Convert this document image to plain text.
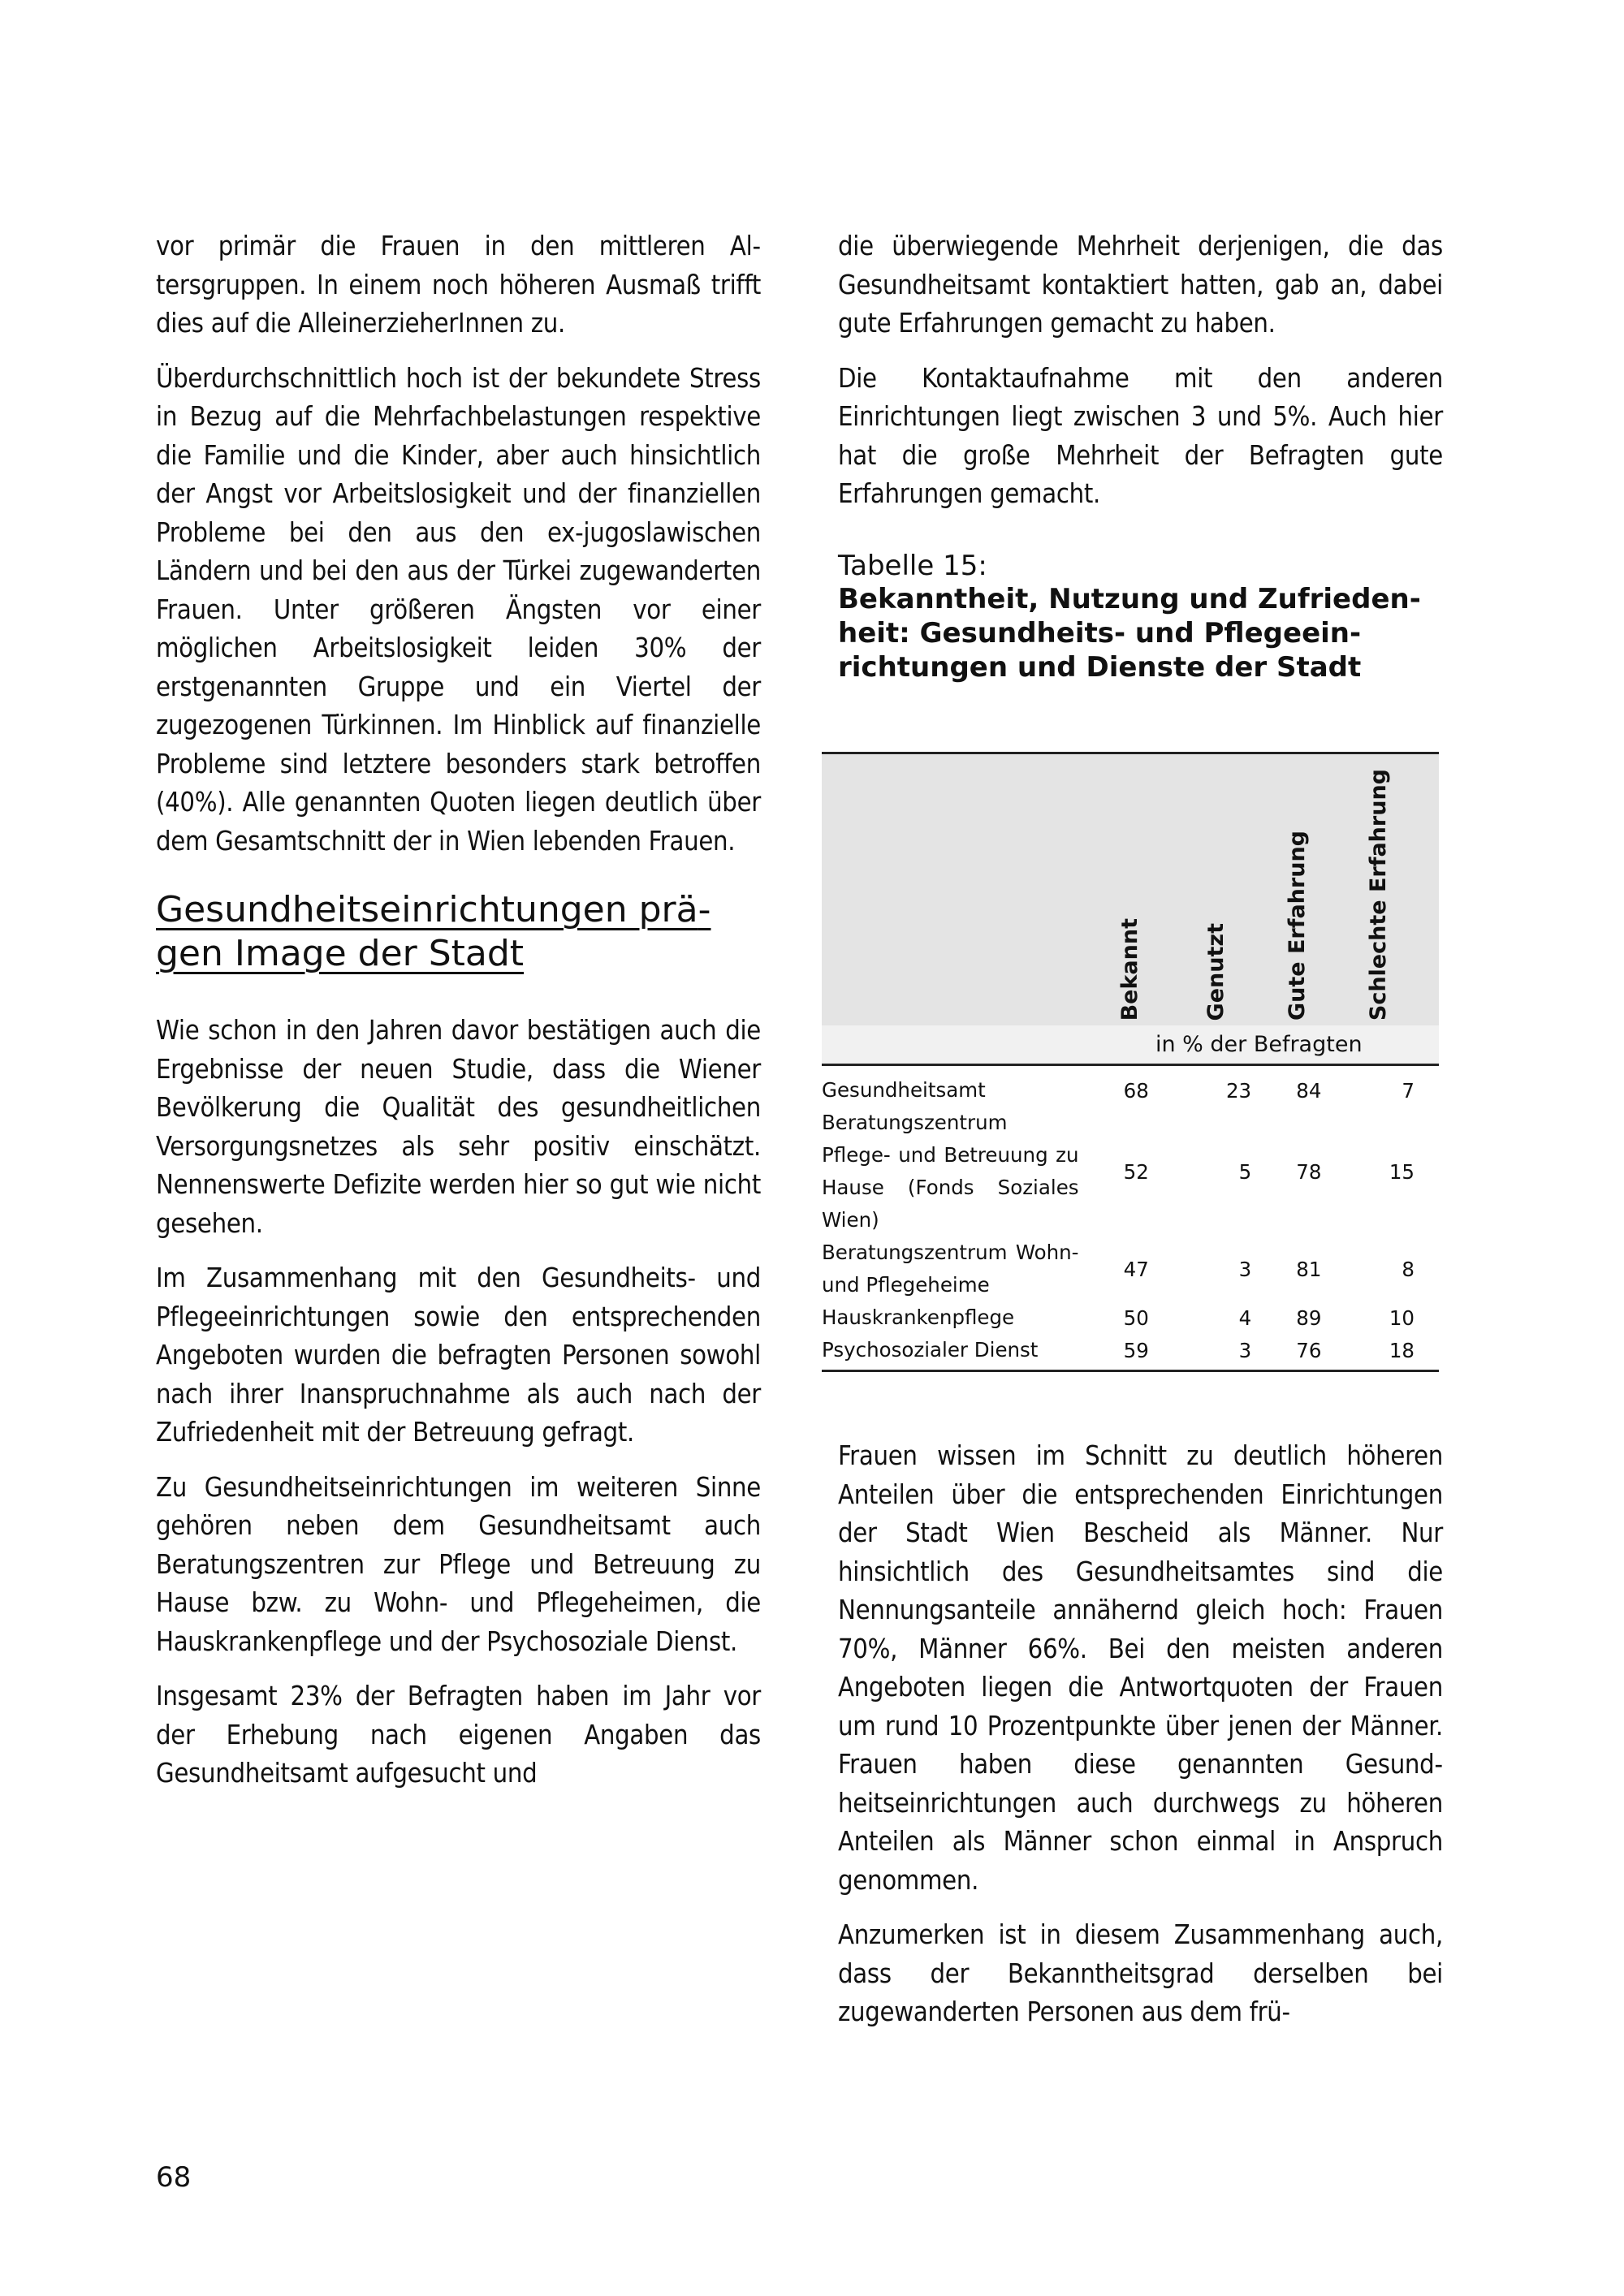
vor primär die Frauen in den mittleren Altersgruppen. In einem noch höheren Ausmaß trifft dies auf die AlleinerzieherInnen zu.

Überdurchschnittlich hoch ist der bekundete Stress in Bezug auf die Mehrfachbelastungen respektive die Familie und die Kinder, aber auch hinsichtlich der Angst vor Arbeitslosigkeit und der finanziellen Probleme bei den aus den ex-jugoslawischen Ländern und bei den aus der Türkei zugewanderten Frauen. Unter größeren Ängsten vor einer möglichen Arbeitslosigkeit leiden 30% der erstgenannten Gruppe und ein Viertel der zugezogenen Türkinnen. Im Hinblick auf finanzielle Probleme sind letztere besonders stark betroffen (40%). Alle genannten Quoten liegen deutlich über dem Gesamtschnitt der in Wien lebenden Frauen.

Gesundheitseinrichtungen prägen Image der Stadt

Wie schon in den Jahren davor bestätigen auch die Ergebnisse der neuen Studie, dass die Wiener Bevölkerung die Qualität des gesundheitlichen Versorgungsnetzes als sehr positiv einschätzt. Nennenswerte Defizite werden hier so gut wie nicht gesehen.

Im Zusammenhang mit den Gesundheits- und Pflegeeinrichtungen sowie den entsprechenden Angeboten wurden die befragten Personen sowohl nach ihrer Inanspruchnahme als auch nach der Zufriedenheit mit der Betreuung gefragt.

Zu Gesundheitseinrichtungen im weiteren Sinne gehören neben dem Gesundheitsamt auch Beratungszentren zur Pflege und Betreuung zu Hause bzw. zu Wohn- und Pflegeheimen, die Hauskrankenpflege und der Psychosoziale Dienst.

Insgesamt 23% der Befragten haben im Jahr vor der Erhebung nach eigenen Angaben das Gesundheitsamt aufgesucht und

die überwiegende Mehrheit derjenigen, die das Gesundheitsamt kontaktiert hatten, gab an, dabei gute Erfahrungen gemacht zu haben.

Die Kontaktaufnahme mit den anderen Einrichtungen liegt zwischen 3 und 5%. Auch hier hat die große Mehrheit der Befragten gute Erfahrungen gemacht.

Tabelle 15:
Bekanntheit, Nutzung und Zufriedenheit: Gesundheits- und Pflegeeinrichtungen und Dienste der Stadt
	Bekannt	Genutzt	Gute Erfahrung	Schlechte Erfahrung
	in % der Befragten			
Gesundheitsamt	68	23	84	7
Beratungszentrum Pflege- und Betreuung zu Hause (Fonds Soziales Wien)	52	5	78	15
Beratungszentrum Wohn- und Pflegeheime	47	3	81	8
Hauskrankenpflege	50	4	89	10
Psychosozialer Dienst	59	3	76	18

Frauen wissen im Schnitt zu deutlich höheren Anteilen über die entsprechenden Einrichtungen der Stadt Wien Bescheid als Männer. Nur hinsichtlich des Gesundheitsamtes sind die Nennungsanteile annähernd gleich hoch: Frauen 70%, Männer 66%. Bei den meisten anderen Angeboten liegen die Antwortquoten der Frauen um rund 10 Prozentpunkte über jenen der Männer. Frauen haben diese genannten Gesundheitseinrichtungen auch durchwegs zu höheren Anteilen als Männer schon einmal in Anspruch genommen.

Anzumerken ist in diesem Zusammenhang auch, dass der Bekanntheitsgrad derselben bei zugewanderten Personen aus dem frü-

68
